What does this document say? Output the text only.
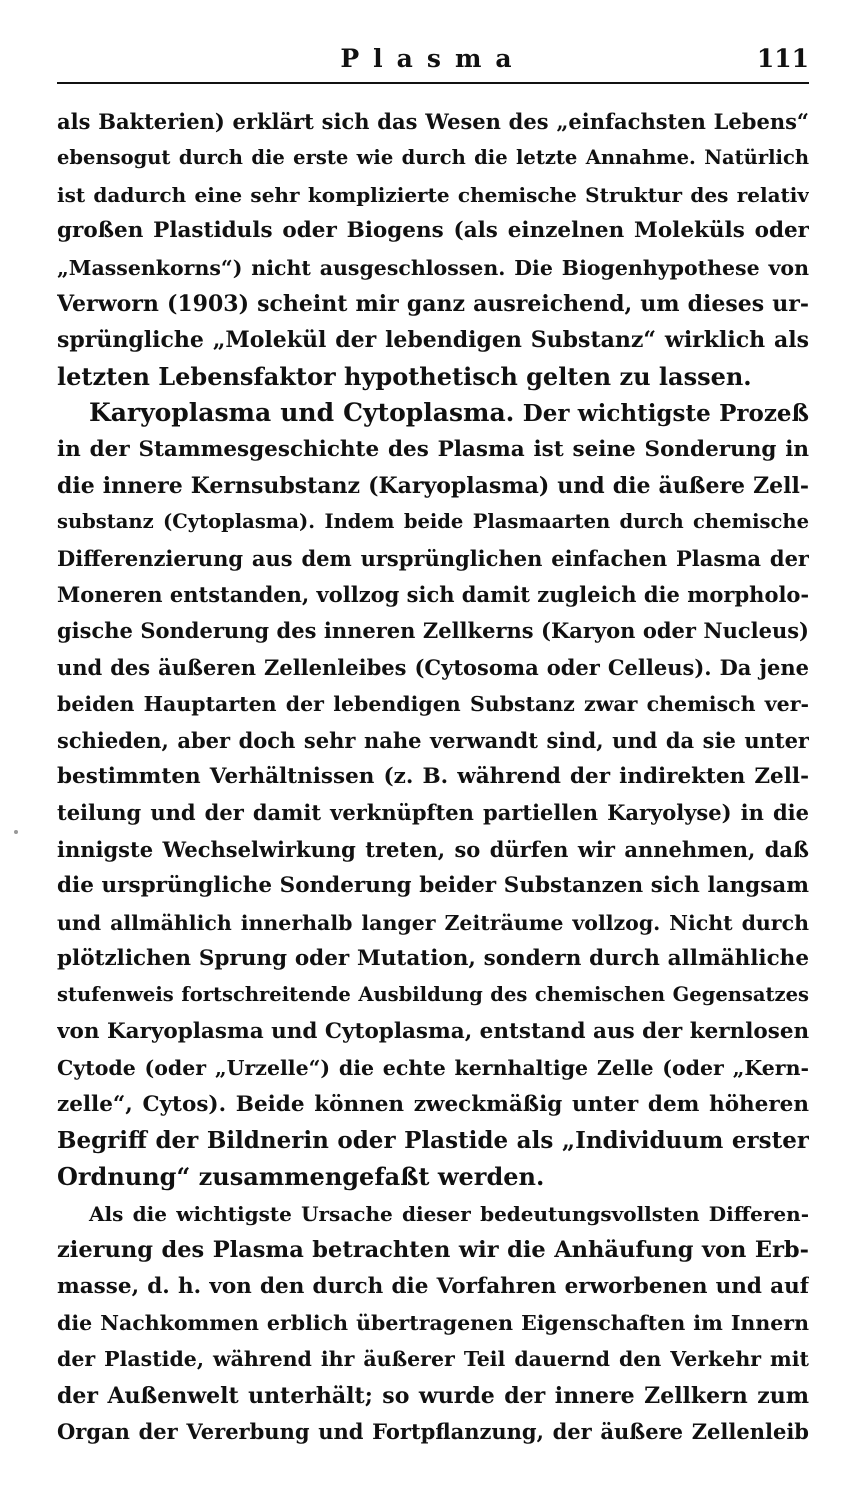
Plasma	111
als Bakterien) erklärt sich das Wesen des „einfachsten Lebens“
ebensogut durch die erste wie durch die letzte Annahme. Natürlich
ist dadurch eine sehr komplizierte chemische Struktur des relativ
großen Plastiduls oder Biogens (als einzelnen Moleküls oder
„Massenkorns“) nicht ausgeschlossen. Die Biogenhypothese von
Verworn (1903) scheint mir ganz ausreichend, um dieses ur-
sprüngliche „Molekül der lebendigen Substanz“ wirklich als
letzten Lebensfaktor hypothetisch gelten zu lassen.
Karyoplasma und Cytoplasma. Der wichtigste Prozeß
in der Stammesgeschichte des Plasma ist seine Sonderung in
die innere Kernsubstanz (Karyoplasma) und die äußere Zell-
substanz (Cytoplasma). Indem beide Plasmaarten durch chemische
Differenzierung aus dem ursprünglichen einfachen Plasma der
Moneren entstanden, vollzog sich damit zugleich die morpholo-
gische Sonderung des inneren Zellkerns (Karyon oder Nucleus)
und des äußeren Zellenleibes (Cytosoma oder Celleus). Da jene
beiden Hauptarten der lebendigen Substanz zwar chemisch ver-
schieden, aber doch sehr nahe verwandt sind, und da sie unter
bestimmten Verhältnissen (z. B. während der indirekten Zell-
teilung und der damit verknüpften partiellen Karyolyse) in die
innigste Wechselwirkung treten, so dürfen wir annehmen, daß
die ursprüngliche Sonderung beider Substanzen sich langsam
und allmählich innerhalb langer Zeiträume vollzog. Nicht durch
plötzlichen Sprung oder Mutation, sondern durch allmähliche
stufenweis fortschreitende Ausbildung des chemischen Gegensatzes
von Karyoplasma und Cytoplasma, entstand aus der kernlosen
Cytode (oder „Urzelle“) die echte kernhaltige Zelle (oder „Kern-
zelle“, Cytos). Beide können zweckmäßig unter dem höheren
Begriff der Bildnerin oder Plastide als „Individuum erster
Ordnung“ zusammengefaßt werden.
Als die wichtigste Ursache dieser bedeutungsvollsten Differen-
zierung des Plasma betrachten wir die Anhäufung von Erb-
masse, d. h. von den durch die Vorfahren erworbenen und auf
die Nachkommen erblich übertragenen Eigenschaften im Innern
der Plastide, während ihr äußerer Teil dauernd den Verkehr mit
der Außenwelt unterhält; so wurde der innere Zellkern zum
Organ der Vererbung und Fortpflanzung, der äußere Zellenleib
